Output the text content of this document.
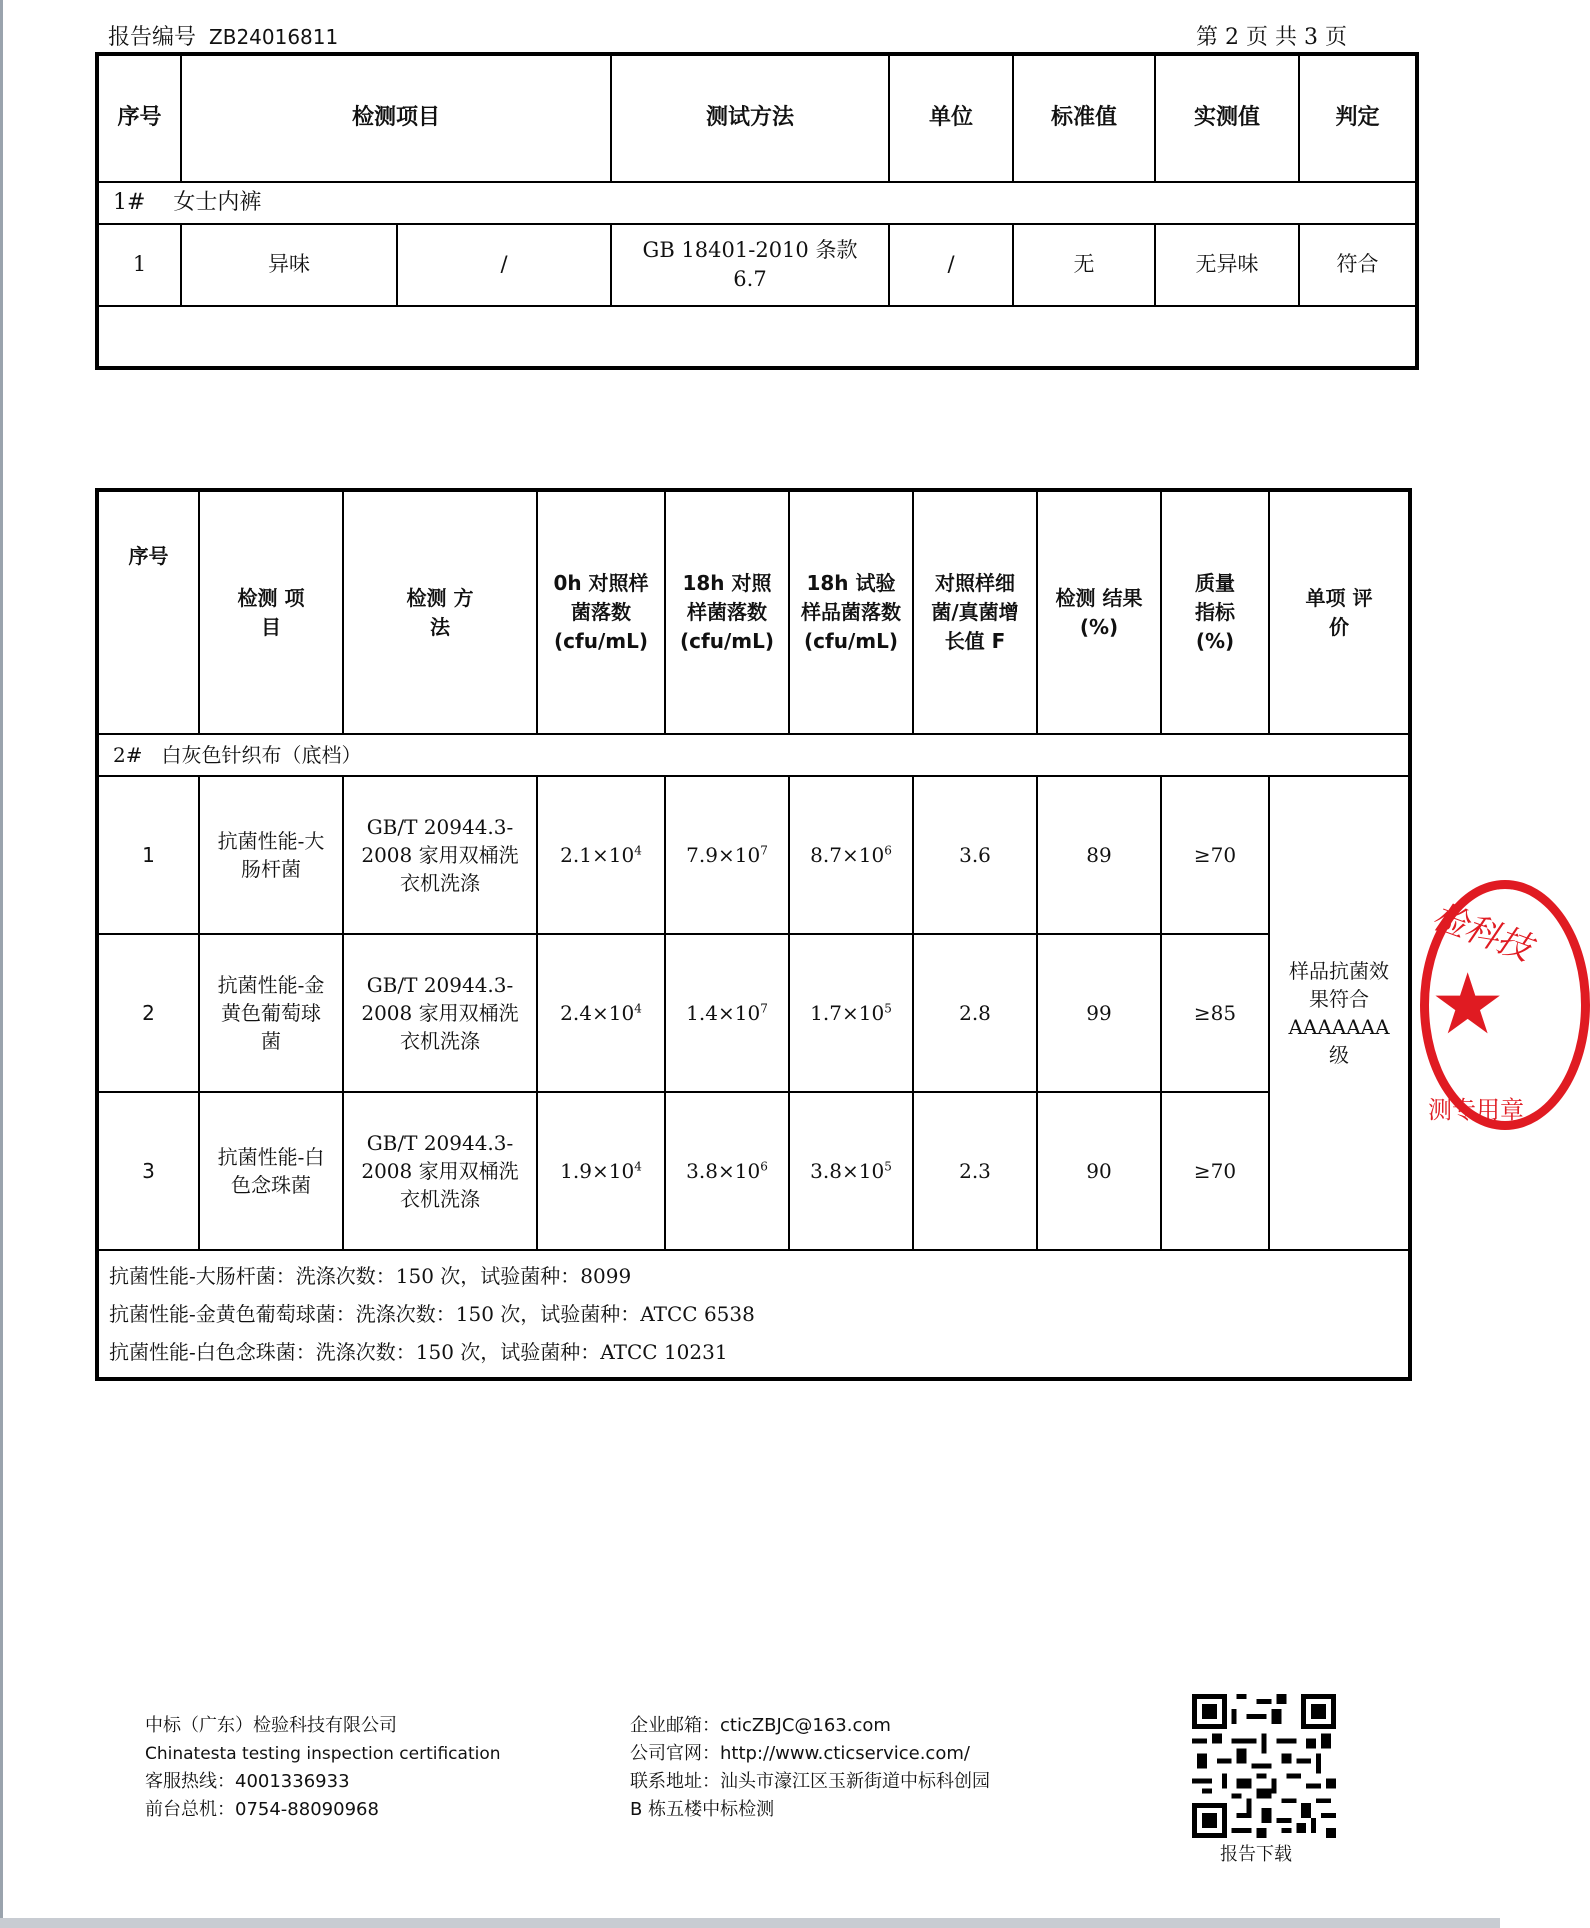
报告编号 ZB24016811	第 2 页 共 3 页
序号	检测项目	测试方法	单位	标准值	实测值	判定
1#    女士内裤						
1	异味 /	GB 18401-2010 条款 6.7	/	无	无异味	符合

序号	检测 项目	检测 方法	0h 对照样菌落数 (cfu/mL)	18h 对照样菌落数 (cfu/mL)	18h 试验样品菌落数 (cfu/mL)	对照样细菌/真菌增长值 F	检测 结果(%)	质量 指标 (%)	单项 评价
2#   白灰色针织布（底档）									
1	抗菌性能-大肠杆菌	GB/T 20944.3-2008 家用双桶洗衣机洗涤	$2.1\times 10^4$	$7.9\times 10^7$	$8.7\times 10^6$	3.6	89	≥70	样品抗菌效果符合AAAAAAA级
2	抗菌性能-金黄色葡萄球菌	GB/T 20944.3-2008 家用双桶洗衣机洗涤	$2.4\times 10^4$	$1.4\times 10^7$	$1.7\times 10^5$	2.8	99	≥85	
3	抗菌性能-白色念珠菌	GB/T 20944.3-2008 家用双桶洗衣机洗涤	$1.9\times 10^4$	$3.8\times 10^6$	$3.8\times 10^5$	2.3	90	≥70	

抗菌性能-大肠杆菌：洗涤次数：150 次，试验菌种：8099
抗菌性能-金黄色葡萄球菌：洗涤次数：150 次，试验菌种：ATCC 6538
抗菌性能-白色念珠菌：洗涤次数：150 次，试验菌种：ATCC 10231									
检科技
★
测专用章
中标（广东）检验科技有限公司
Chinatesta testing inspection certification
客服热线：4001336933
前台总机：0754-88090968
企业邮箱：cticZBJC@163.com
公司官网：http://www.cticservice.com/
联系地址：汕头市濠江区玉新街道中标科创园
B 栋五楼中标检测
报告下载
